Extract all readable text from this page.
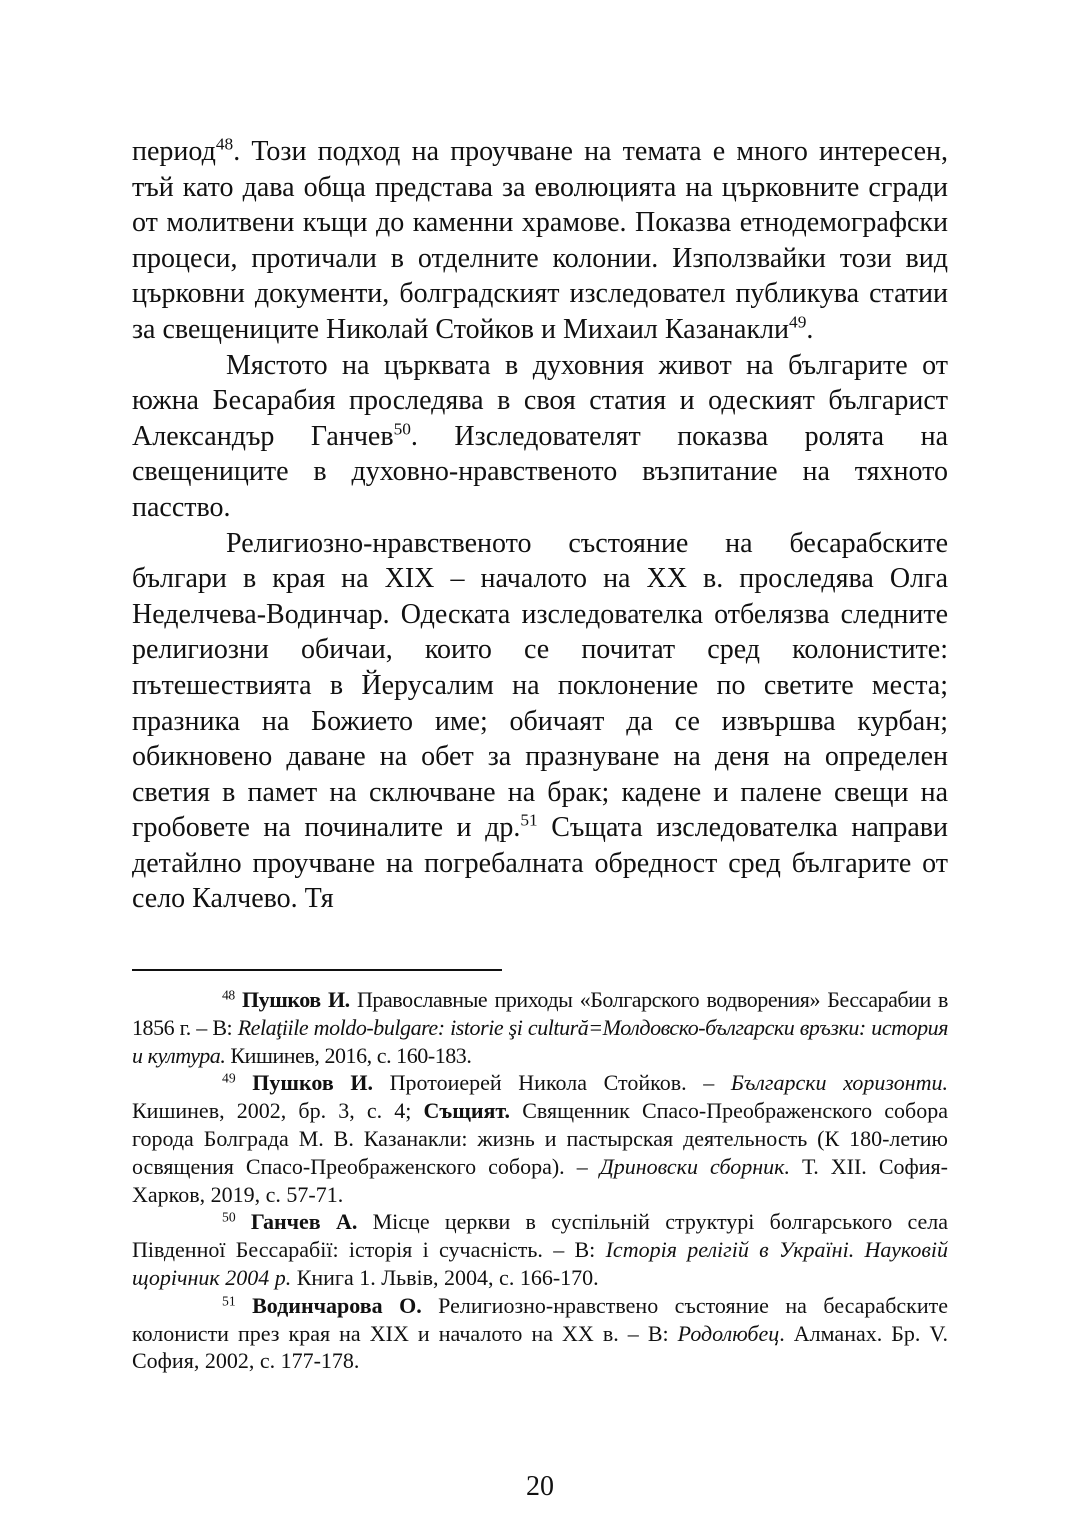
период$^{48}$. Този подход на проучване на темата е много интересен, тъй като дава обща представа за еволюцията на църковните сгради от молитвени къщи до каменни храмове. Показва етнодемографски процеси, протичали в отделните колонии. Използвайки този вид църковни документи, болградският изследовател публикува статии за свещениците Николай Стойков и Михаил Казанакли$^{49}$.

Мястото на църквата в духовния живот на българите от южна Бесарабия проследява в своя статия и одеският българист Александър Ганчев$^{50}$. Изследователят показва ролята на свещениците в духовно-нравственото възпитание на тяхното пасство.

Религиозно-нравственото състояние на бесарабските българи в края на XIX – началото на XX в. проследява Олга Неделчева-Водинчар. Одеската изследователка отбелязва следните религиозни обичаи, които се почитат сред колонистите: пътешествията в Йерусалим на поклонение по светите места; празника на Божието име; обичаят да се извършва курбан; обикновено даване на обет за празнуване на деня на определен светия в памет на сключване на брак; кадене и палене свещи на гробовете на починалите и др.$^{51}$ Същата изследователка направи детайлно проучване на погребалната обредност сред българите от село Калчево. Тя

$^{48}$ Пушков И. Православные приходы «Болгарского водворения» Бессарабии в 1856 г. – В: Relaţiile moldo-bulgare: istorie şi cultură=Молдовско-български връзки: история и култура. Кишинев, 2016, с. 160-183.

$^{49}$ Пушков И. Протоиерей Никола Стойков. – Български хоризонти. Кишинев, 2002, бр. 3, с. 4; Същият. Священник Спасо-Преображенского собора города Болграда М. В. Казанакли: жизнь и пастырская деятельность (К 180-летию освящения Спасо-Преображенского собора). – Дриновски сборник. Т. XII. София-Харков, 2019, с. 57-71.

$^{50}$ Ганчев А. Місце церкви в суспільній структурі болгарського села Південної Бессарабії: історія і сучасність. – В: Історія релігій в Україні. Науковій щорічник 2004 р. Книга 1. Львів, 2004, с. 166-170.

$^{51}$ Водинчарова О. Религиозно-нравствено състояние на бесарабските колонисти през края на XIX и началото на XX в. – В: Родолюбец. Алманах. Бр. V. София, 2002, с. 177-178.

20
